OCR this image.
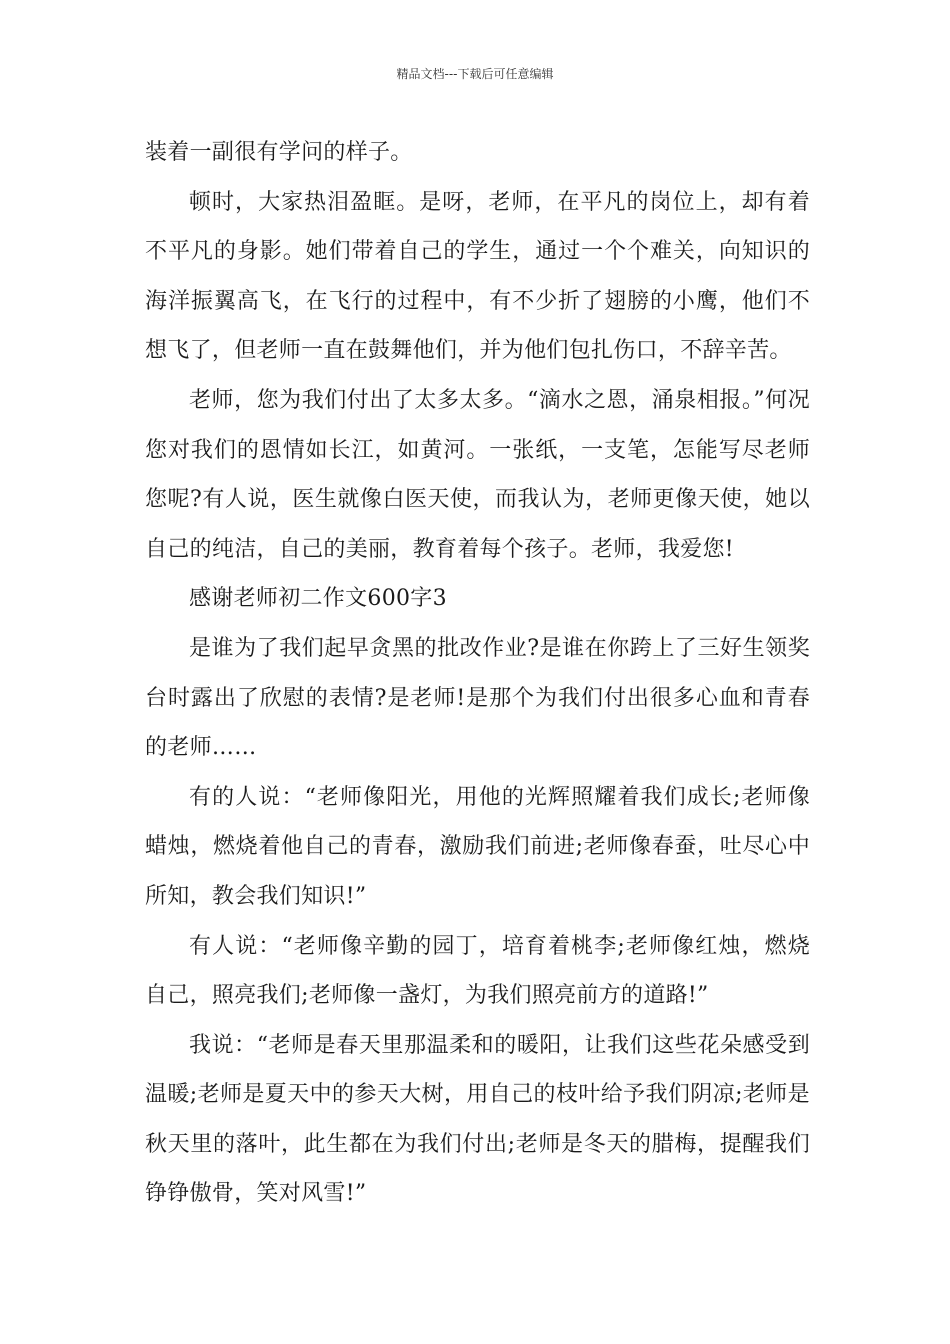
精品文档---下载后可任意编辑

装着一副很有学问的样子。

顿时，大家热泪盈眶。是呀，老师，在平凡的岗位上，却有着不平凡的身影。她们带着自己的学生，通过一个个难关，向知识的海洋振翼高飞，在飞行的过程中，有不少折了翅膀的小鹰，他们不想飞了，但老师一直在鼓舞他们，并为他们包扎伤口，不辞辛苦。

老师，您为我们付出了太多太多。“滴水之恩，涌泉相报。”何况您对我们的恩情如长江，如黄河。一张纸，一支笔，怎能写尽老师您呢?有人说，医生就像白医天使，而我认为，老师更像天使，她以自己的纯洁，自己的美丽，教育着每个孩子。老师，我爱您!

感谢老师初二作文600字3

是谁为了我们起早贪黑的批改作业?是谁在你跨上了三好生领奖台时露出了欣慰的表情?是老师!是那个为我们付出很多心血和青春的老师……

有的人说：“老师像阳光，用他的光辉照耀着我们成长;老师像蜡烛，燃烧着他自己的青春，激励我们前进;老师像春蚕，吐尽心中所知，教会我们知识!”

有人说：“老师像辛勤的园丁，培育着桃李;老师像红烛，燃烧自己，照亮我们;老师像一盏灯，为我们照亮前方的道路!”

我说：“老师是春天里那温柔和的暖阳，让我们这些花朵感受到温暖;老师是夏天中的参天大树，用自己的枝叶给予我们阴凉;老师是秋天里的落叶，此生都在为我们付出;老师是冬天的腊梅，提醒我们铮铮傲骨，笑对风雪!”
